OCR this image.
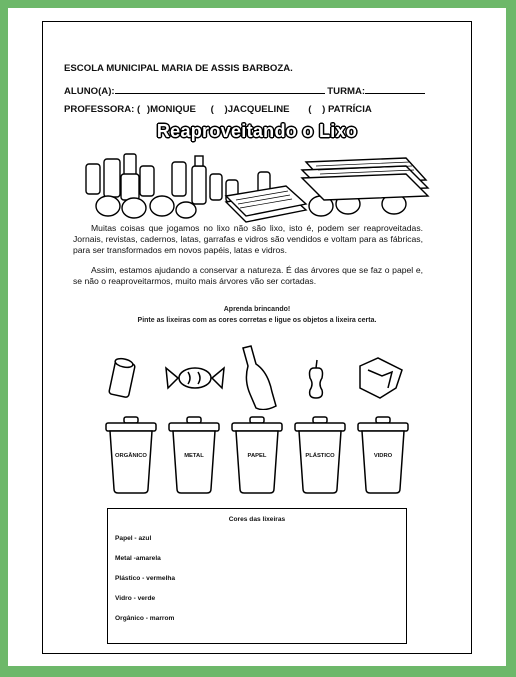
ESCOLA MUNICIPAL MARIA DE ASSIS BARBOZA.
ALUNO(A):	TURMA:
PROFESSORA: ( )MONIQUE ( )JACQUELINE ( ) PATRÍCIA
Reaproveitando o Lixo
Muitas coisas que jogamos no lixo não são lixo, isto é, podem ser reaproveitadas. Jornais, revistas, cadernos, latas, garrafas e vidros são vendidos e voltam para as fábricas, para ser transformados em novos papéis, latas e vidros.
Assim, estamos ajudando a conservar a natureza. É das árvores que se faz o papel e, se não o reaproveitarmos, muito mais árvores vão ser cortadas.
Aprenda brincando!
Pinte as lixeiras com as cores corretas e ligue os objetos a lixeira certa.
ORGÂNICO	METAL	PAPEL	PLÁSTICO	VIDRO
Cores das lixeiras
Papel - azul
Metal -amarela
Plástico - vermelha
Vidro - verde
Orgânico - marrom
